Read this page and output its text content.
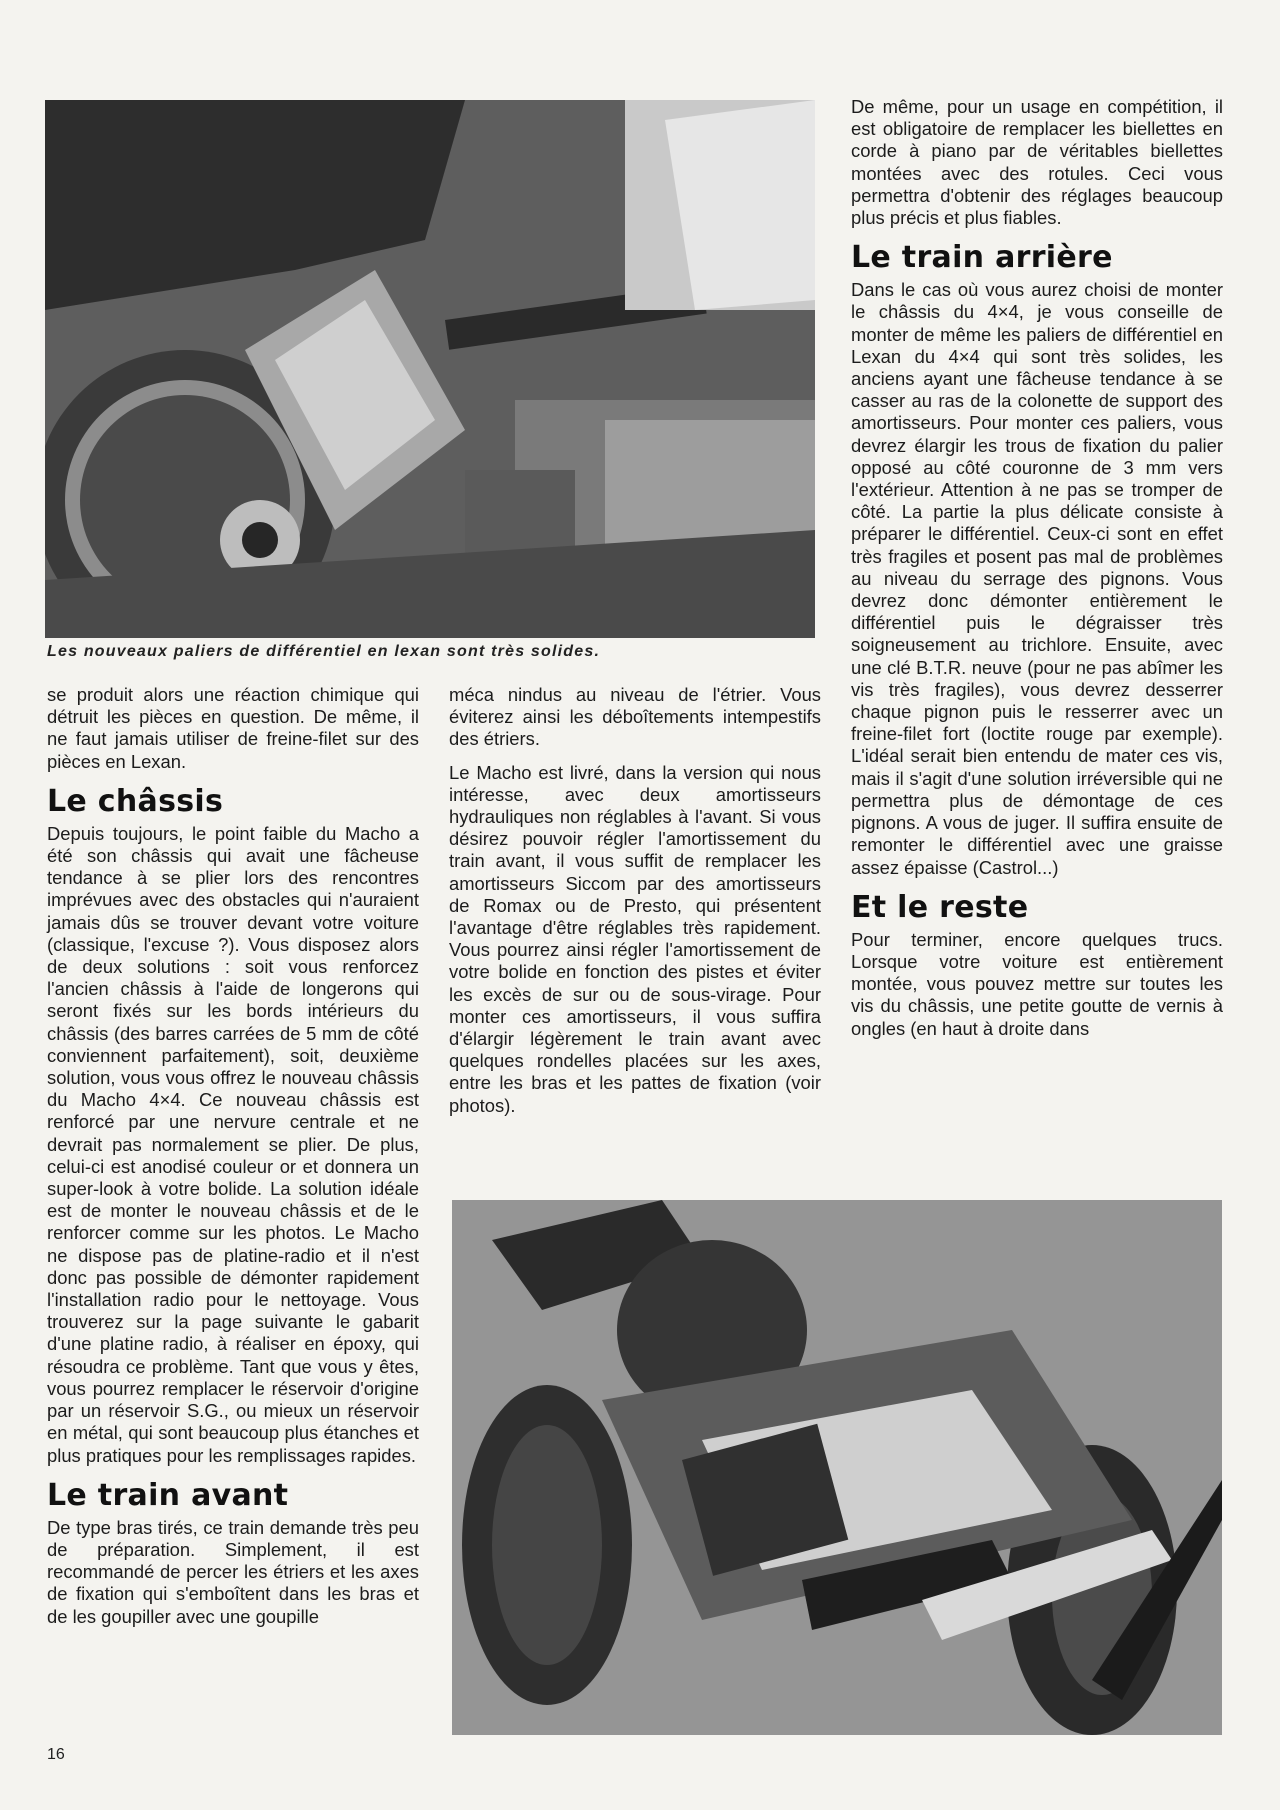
Les nouveaux paliers de différentiel en lexan sont très solides.

se produit alors une réaction chimique qui détruit les pièces en question. De même, il ne faut jamais utiliser de freine-filet sur des pièces en Lexan.

Le châssis

Depuis toujours, le point faible du Macho a été son châssis qui avait une fâcheuse tendance à se plier lors des rencontres imprévues avec des obstacles qui n'auraient jamais dûs se trouver devant votre voiture (classique, l'excuse ?). Vous disposez alors de deux solutions : soit vous renforcez l'ancien châssis à l'aide de longerons qui seront fixés sur les bords intérieurs du châssis (des barres carrées de 5 mm de côté conviennent parfaitement), soit, deuxième solution, vous vous offrez le nouveau châssis du Macho 4×4. Ce nouveau châssis est renforcé par une nervure centrale et ne devrait pas normalement se plier. De plus, celui-ci est anodisé couleur or et donnera un super-look à votre bolide. La solution idéale est de monter le nouveau châssis et de le renforcer comme sur les photos. Le Macho ne dispose pas de platine-radio et il n'est donc pas possible de démonter rapidement l'installation radio pour le nettoyage. Vous trouverez sur la page suivante le gabarit d'une platine radio, à réaliser en époxy, qui résoudra ce problème. Tant que vous y êtes, vous pourrez remplacer le réservoir d'origine par un réservoir S.G., ou mieux un réservoir en métal, qui sont beaucoup plus étanches et plus pratiques pour les remplissages rapides.

Le train avant

De type bras tirés, ce train demande très peu de préparation. Simplement, il est recommandé de percer les étriers et les axes de fixation qui s'emboîtent dans les bras et de les goupiller avec une goupille

méca nindus au niveau de l'étrier. Vous éviterez ainsi les déboîtements intempestifs des étriers.

Le Macho est livré, dans la version qui nous intéresse, avec deux amortisseurs hydrauliques non réglables à l'avant. Si vous désirez pouvoir régler l'amortissement du train avant, il vous suffit de remplacer les amortisseurs Siccom par des amortisseurs de Romax ou de Presto, qui présentent l'avantage d'être réglables très rapidement. Vous pourrez ainsi régler l'amortissement de votre bolide en fonction des pistes et éviter les excès de sur ou de sous-virage. Pour monter ces amortisseurs, il vous suffira d'élargir légèrement le train avant avec quelques rondelles placées sur les axes, entre les bras et les pattes de fixation (voir photos).

De même, pour un usage en compétition, il est obligatoire de remplacer les biellettes en corde à piano par de véritables biellettes montées avec des rotules. Ceci vous permettra d'obtenir des réglages beaucoup plus précis et plus fiables.

Le train arrière

Dans le cas où vous aurez choisi de monter le châssis du 4×4, je vous conseille de monter de même les paliers de différentiel en Lexan du 4×4 qui sont très solides, les anciens ayant une fâcheuse tendance à se casser au ras de la colonette de support des amortisseurs. Pour monter ces paliers, vous devrez élargir les trous de fixation du palier opposé au côté couronne de 3 mm vers l'extérieur. Attention à ne pas se tromper de côté. La partie la plus délicate consiste à préparer le différentiel. Ceux-ci sont en effet très fragiles et posent pas mal de problèmes au niveau du serrage des pignons. Vous devrez donc démonter entièrement le différentiel puis le dégraisser très soigneusement au trichlore. Ensuite, avec une clé B.T.R. neuve (pour ne pas abîmer les vis très fragiles), vous devrez desserrer chaque pignon puis le resserrer avec un freine-filet fort (loctite rouge par exemple). L'idéal serait bien entendu de mater ces vis, mais il s'agit d'une solution irréversible qui ne permettra plus de démontage de ces pignons. A vous de juger. Il suffira ensuite de remonter le différentiel avec une graisse assez épaisse (Castrol...)

Et le reste

Pour terminer, encore quelques trucs. Lorsque votre voiture est entièrement montée, vous pouvez mettre sur toutes les vis du châssis, une petite goutte de vernis à ongles (en haut à droite dans

16
